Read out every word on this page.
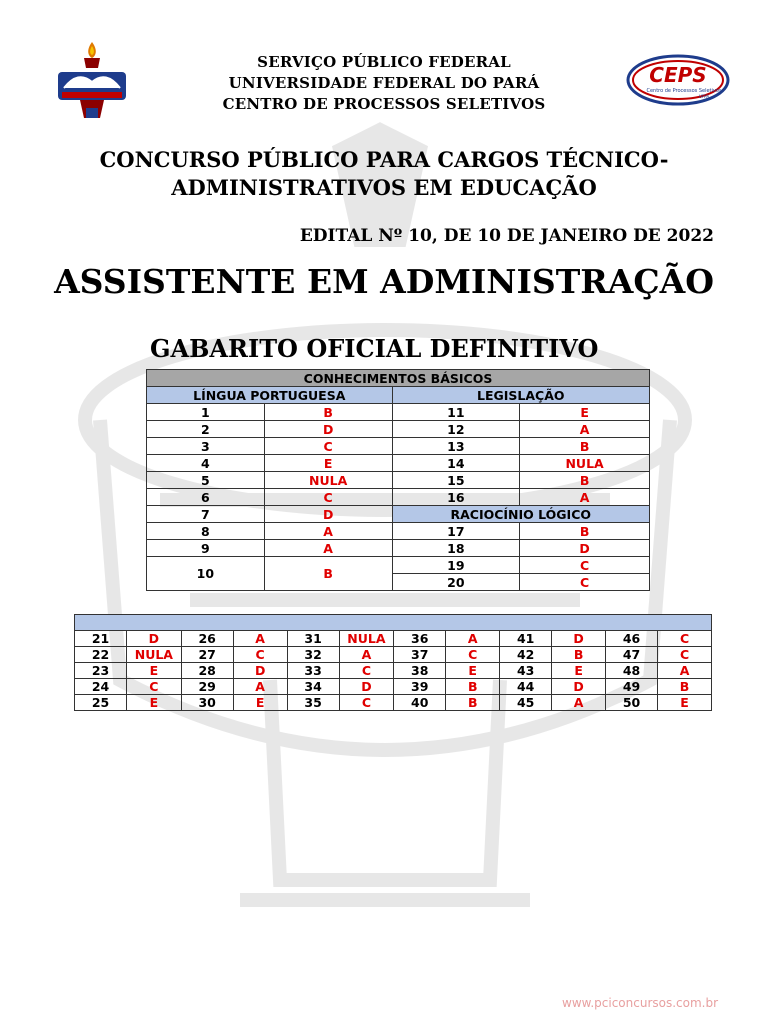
CEPS
Centro de Processos Seletivos
UFPA
SERVIÇO PÚBLICO FEDERAL
UNIVERSIDADE FEDERAL DO PARÁ
CENTRO DE PROCESSOS SELETIVOS
CONCURSO PÚBLICO PARA CARGOS TÉCNICO-
ADMINISTRATIVOS EM EDUCAÇÃO
EDITAL Nº 10, DE 10 DE JANEIRO DE 2022
ASSISTENTE EM ADMINISTRAÇÃO
GABARITO OFICIAL DEFINITIVO
CONHECIMENTOS BÁSICOS			
LÍNGUA PORTUGUESA		LEGISLAÇÃO	
1	B	11	E
2	D	12	A
3	C	13	B
4	E	14	NULA
5	NULA	15	B
6	C	16	A
7	D	RACIOCÍNIO LÓGICO	
8	A	17	B
9	A	18	D
10	B	19	C
		20	C

21	D	26	A	31	NULA	36	A	41	D	46	C
22	NULA	27	C	32	A	37	C	42	B	47	C
23	E	28	D	33	C	38	E	43	E	48	A
24	C	29	A	34	D	39	B	44	D	49	B
25	E	30	E	35	C	40	B	45	A	50	E
www.pciconcursos.com.br
